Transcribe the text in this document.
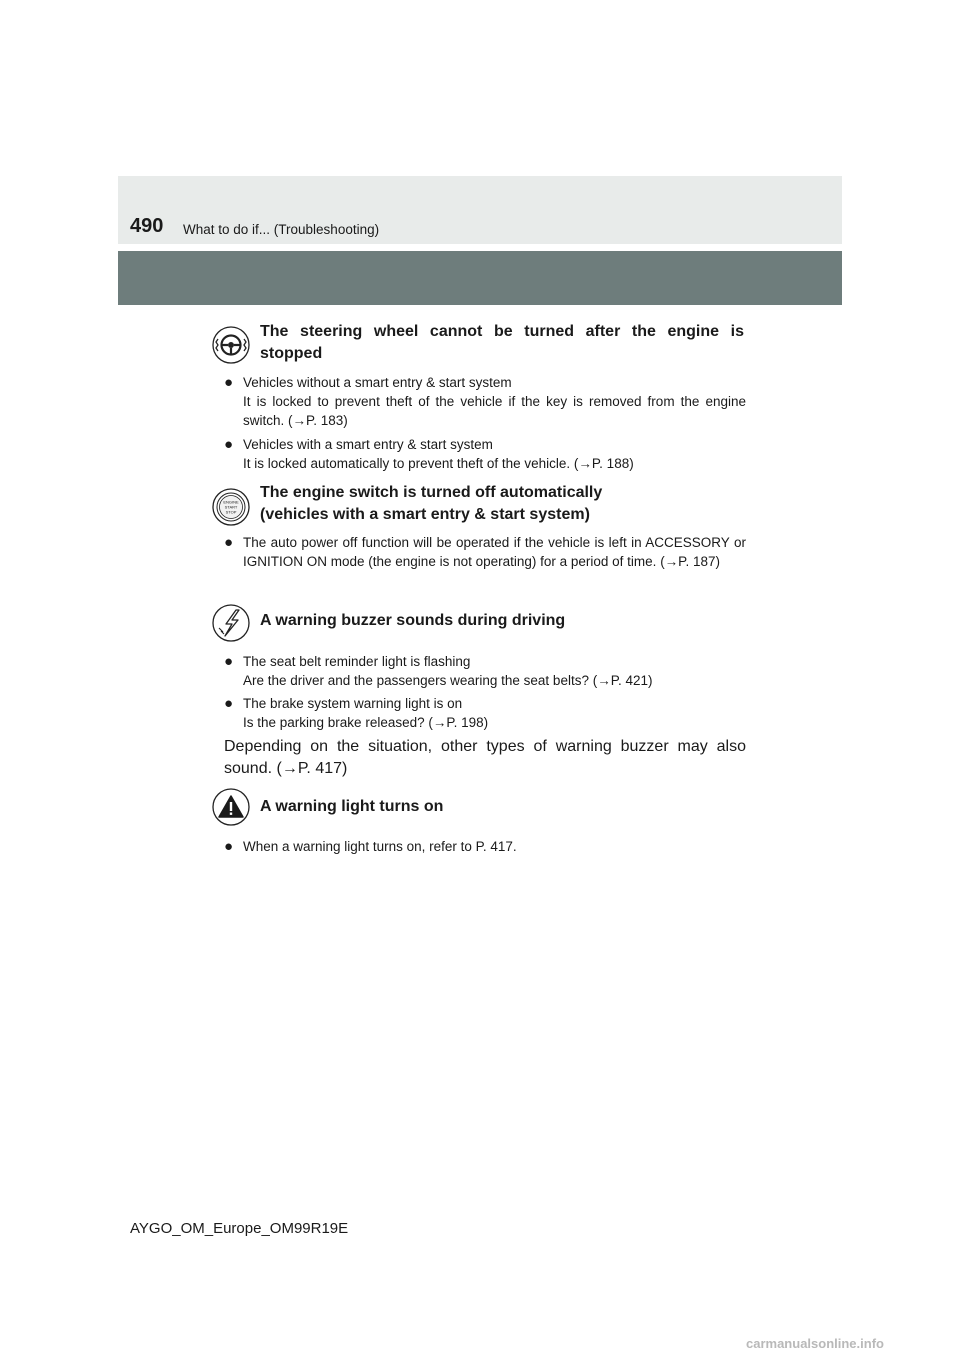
490 What to do if... (Troubleshooting)
The steering wheel cannot be turned after the engine is stopped
● Vehicles without a smart entry & start system
It is locked to prevent theft of the vehicle if the key is removed from the engine switch. (→P. 183)
● Vehicles with a smart entry & start system
It is locked automatically to prevent theft of the vehicle. (→P. 188)
ENGINE
START
STOP
The engine switch is turned off automatically
(vehicles with a smart entry & start system)
● The auto power off function will be operated if the vehicle is left in ACCESSORY or IGNITION ON mode (the engine is not operating) for a period of time. (→P. 187)
A warning buzzer sounds during driving
● The seat belt reminder light is flashing
Are the driver and the passengers wearing the seat belts? (→P. 421)
● The brake system warning light is on
Is the parking brake released? (→P. 198)
Depending on the situation, other types of warning buzzer may also sound. (→P. 417)
A warning light turns on
● When a warning light turns on, refer to P. 417.
AYGO_OM_Europe_OM99R19E
carmanualsonline.info
